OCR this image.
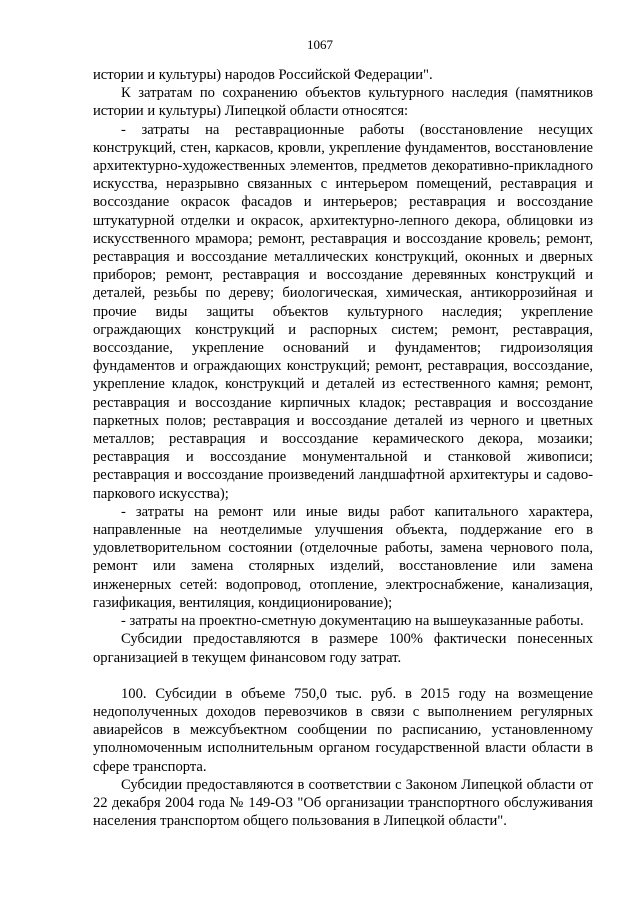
1067

истории и культуры) народов Российской Федерации".

К затратам по сохранению объектов культурного наследия (памятников истории и культуры) Липецкой области относятся:

- затраты на реставрационные работы (восстановление несущих конструкций, стен, каркасов, кровли, укрепление фундаментов, восстановление архитектурно-художественных элементов, предметов декоративно-прикладного искусства, неразрывно связанных с интерьером помещений, реставрация и воссоздание окрасок фасадов и интерьеров; реставрация и воссоздание штукатурной отделки и окрасок, архитектурно-лепного декора, облицовки из искусственного мрамора; ремонт, реставрация и воссоздание кровель; ремонт, реставрация и воссоздание металлических конструкций, оконных и дверных приборов; ремонт, реставрация и воссоздание деревянных конструкций и деталей, резьбы по дереву; биологическая, химическая, антикоррозийная и прочие виды защиты объектов культурного наследия; укрепление ограждающих конструкций и распорных систем; ремонт, реставрация, воссоздание, укрепление оснований и фундаментов; гидроизоляция фундаментов и ограждающих конструкций; ремонт, реставрация, воссоздание, укрепление кладок, конструкций и деталей из естественного камня; ремонт, реставрация и воссоздание кирпичных кладок; реставрация и воссоздание паркетных полов; реставрация и воссоздание деталей из черного и цветных металлов; реставрация и воссоздание керамического декора, мозаики; реставрация и воссоздание монументальной и станковой живописи; реставрация и воссоздание произведений ландшафтной архитектуры и садово-паркового искусства);

- затраты на ремонт или иные виды работ капитального характера, направленные на неотделимые улучшения объекта, поддержание его в удовлетворительном состоянии (отделочные работы, замена чернового пола, ремонт или замена столярных изделий, восстановление или замена инженерных сетей: водопровод, отопление, электроснабжение, канализация, газификация, вентиляция, кондиционирование);

- затраты на проектно-сметную документацию на вышеуказанные работы.

Субсидии предоставляются в размере 100% фактически понесенных организацией в текущем финансовом году затрат.

100. Субсидии в объеме 750,0 тыс. руб. в 2015 году на возмещение недополученных доходов перевозчиков в связи с выполнением регулярных авиарейсов в межсубъектном сообщении по расписанию, установленному уполномоченным исполнительным органом государственной власти области в сфере транспорта.

Субсидии предоставляются в соответствии с Законом Липецкой области от 22 декабря 2004 года № 149-ОЗ "Об организации транспортного обслуживания населения транспортом общего пользования в Липецкой области".
